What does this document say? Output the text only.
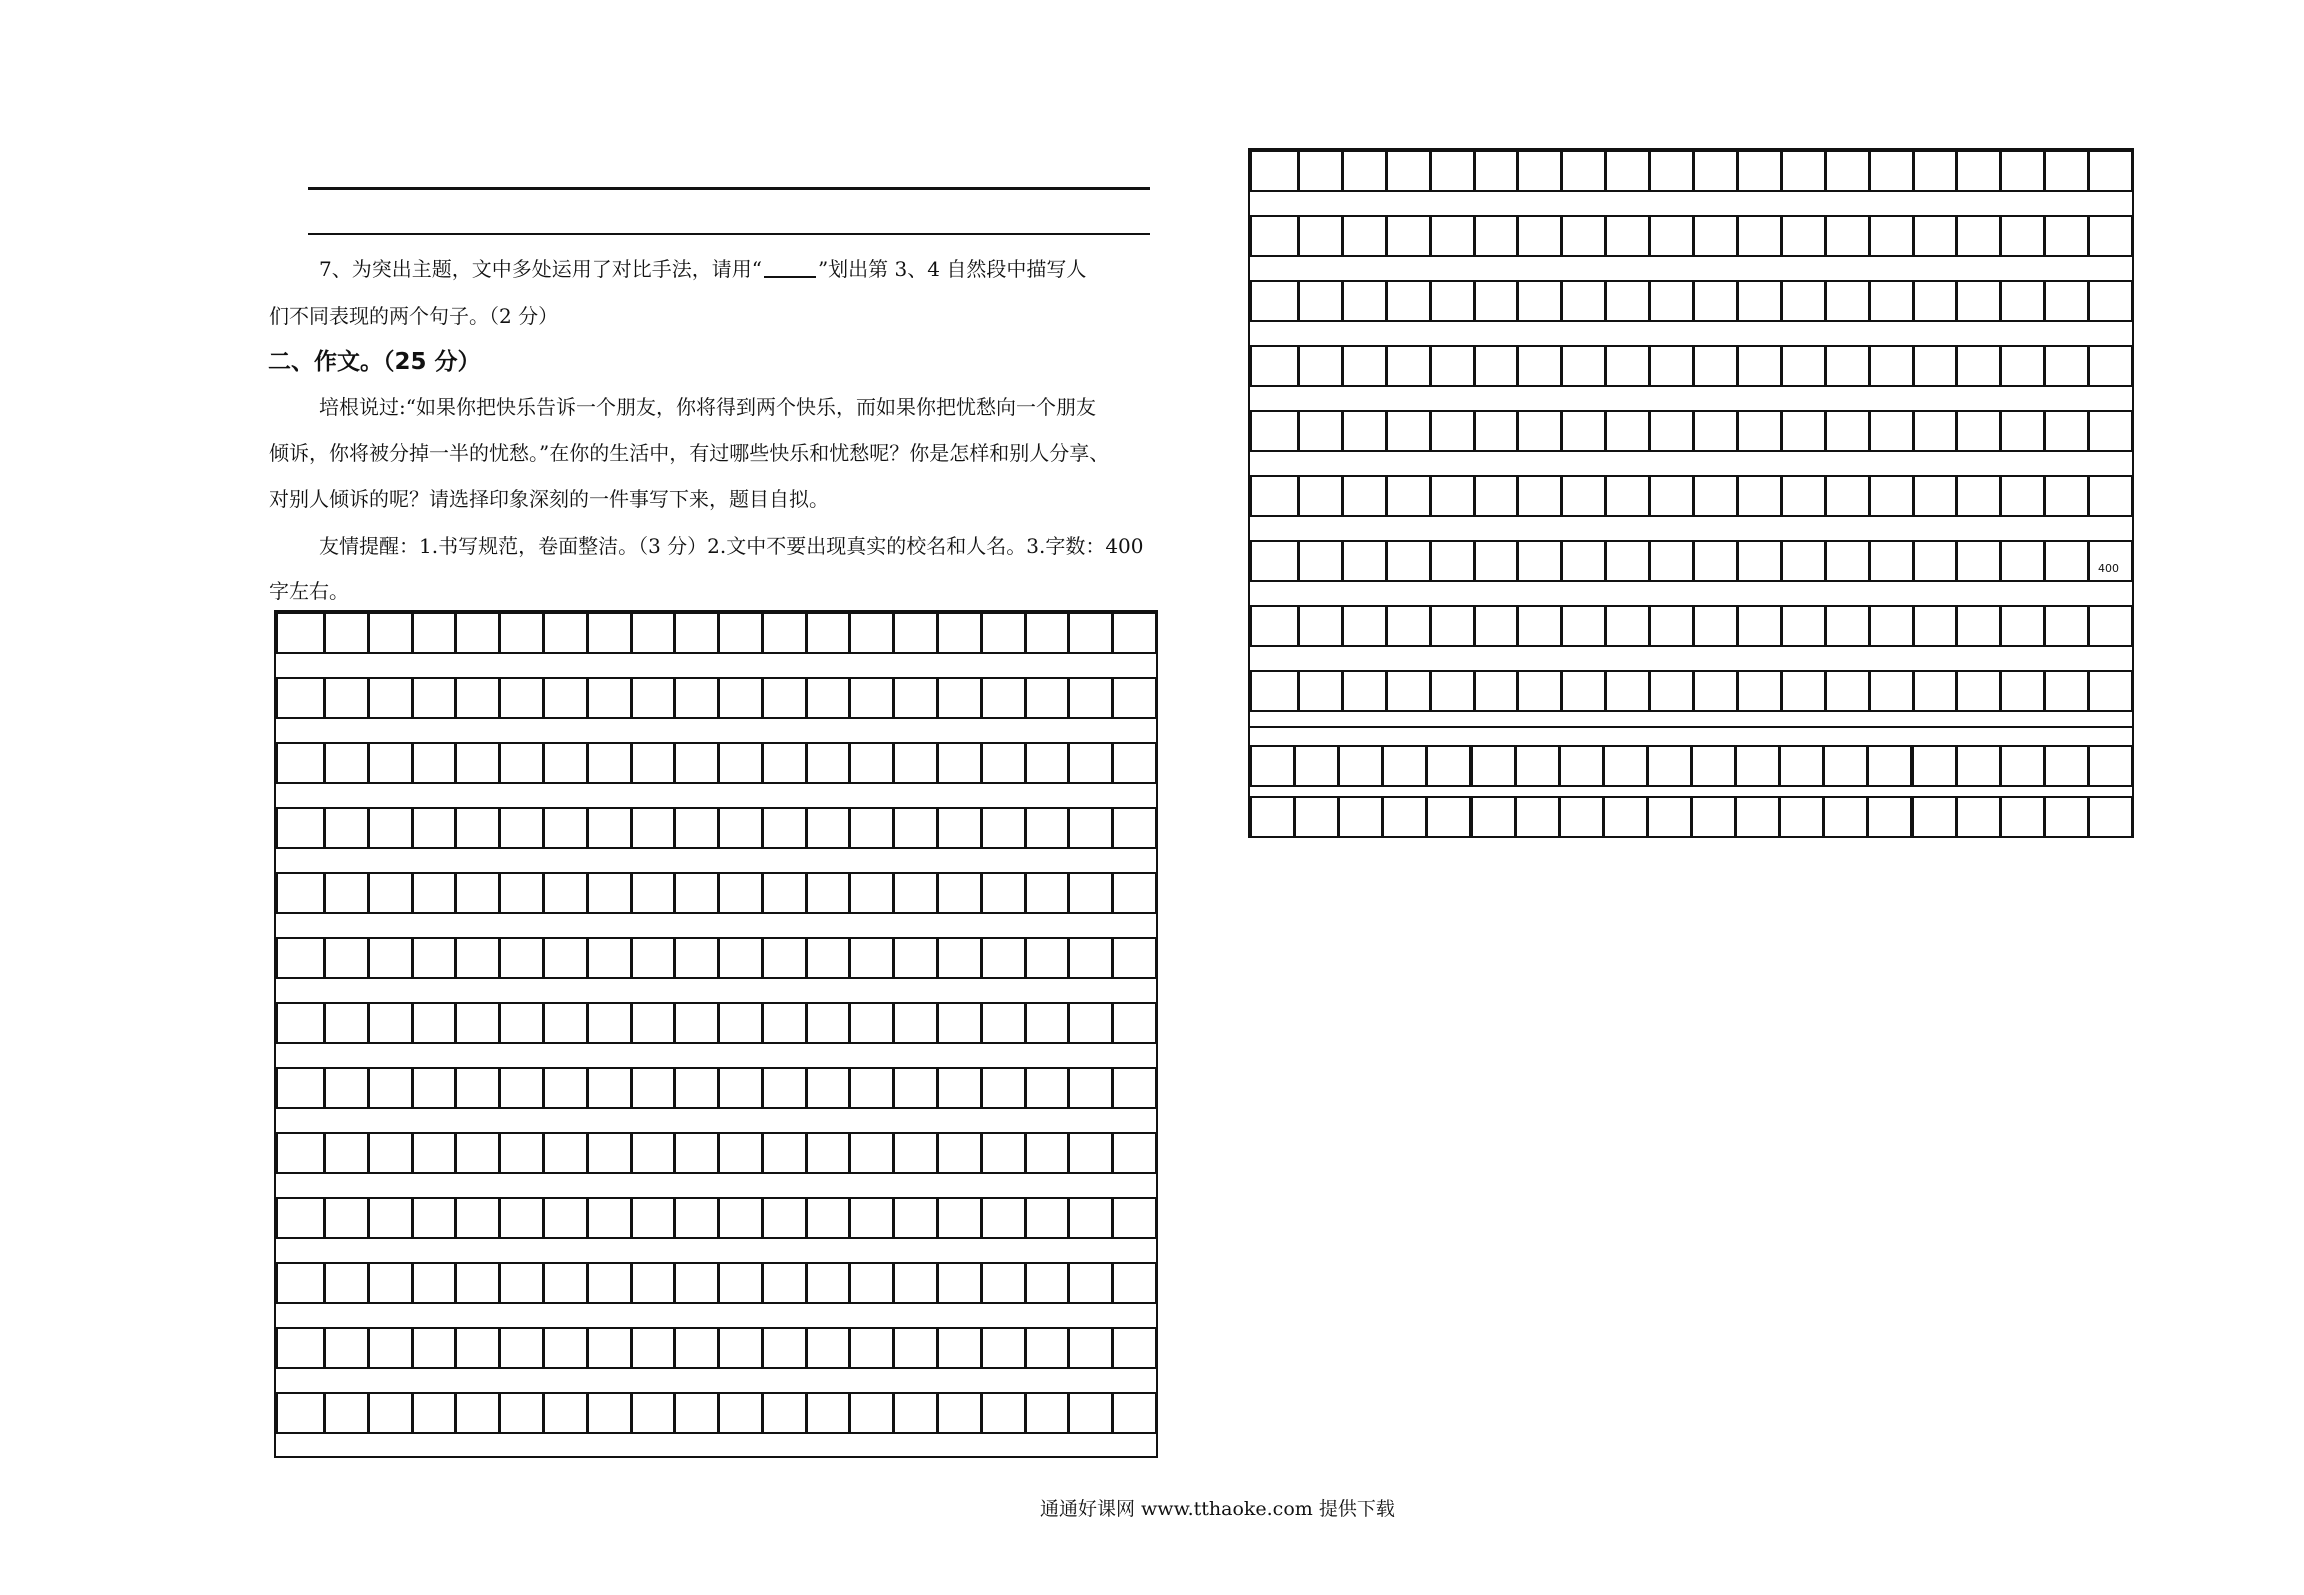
7、为突出主题，文中多处运用了对比手法，请用“	”划出第 3、4 自然段中描写人
们不同表现的两个句子。（2 分）
二、作文。（25 分）
培根说过:“如果你把快乐告诉一个朋友，你将得到两个快乐，而如果你把忧愁向一个朋友
倾诉，你将被分掉一半的忧愁。”在你的生活中，有过哪些快乐和忧愁呢？你是怎样和别人分享、
对别人倾诉的呢？请选择印象深刻的一件事写下来，题目自拟。
友情提醒：1.书写规范，卷面整洁。（3 分）2.文中不要出现真实的校名和人名。3.字数：400
字左右。
400
通通好课网 www.tthaoke.com 提供下载
